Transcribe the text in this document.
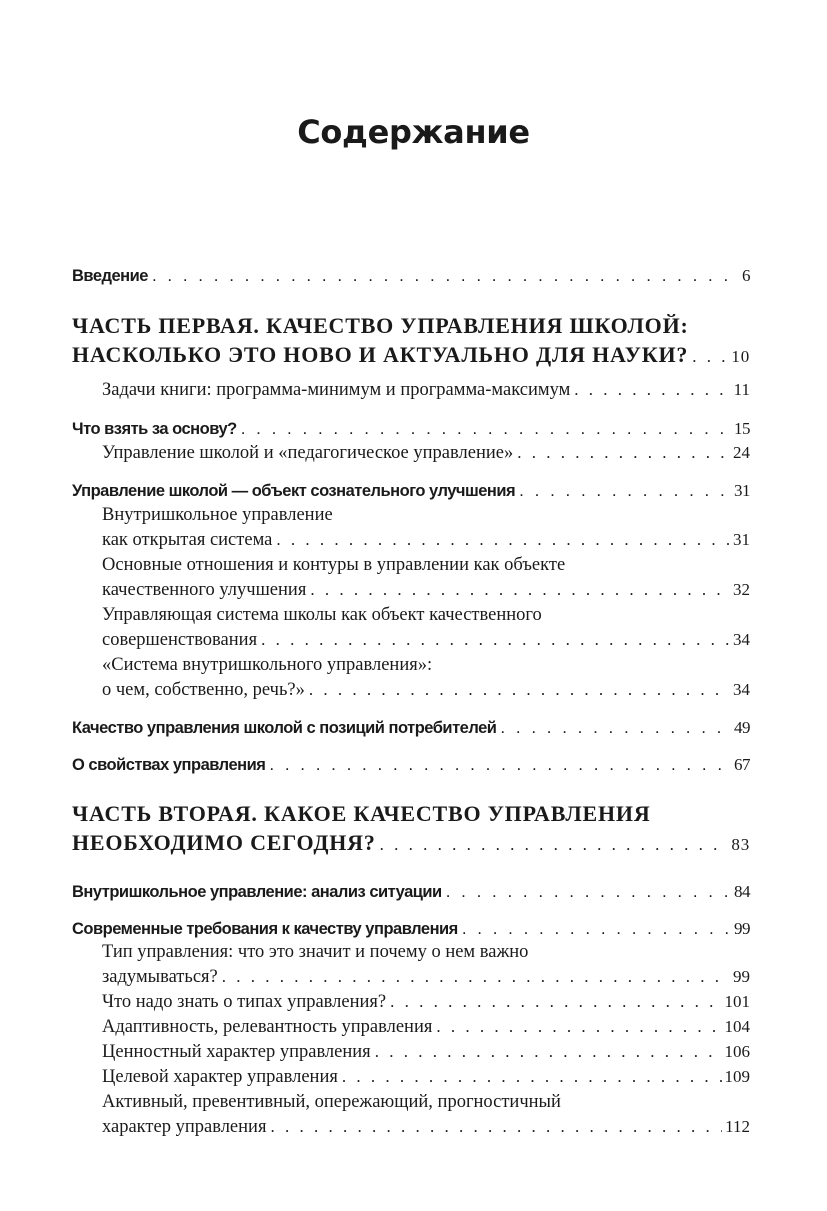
Содержание
Введение . . .	6
ЧАСТЬ ПЕРВАЯ. КАЧЕСТВО УПРАВЛЕНИЯ ШКОЛОЙ:
НАСКОЛЬКО ЭТО НОВО И АКТУАЛЬНО ДЛЯ НАУКИ? . . .	10
Задачи книги: программа-минимум и программа-максимум . . .	11
Что взять за основу? . . .	15
Управление школой и «педагогическое управление» . . .	24
Управление школой — объект сознательного улучшения . . .	31
Внутришкольное управление
как открытая система . . .	31
Основные отношения и контуры в управлении как объекте
качественного улучшения . . .	32
Управляющая система школы как объект качественного
совершенствования . . .	34
«Система внутришкольного управления»:
о чем, собственно, речь?» . . .	34
Качество управления школой с позиций потребителей . . .	49
О свойствах управления . . .	67
ЧАСТЬ ВТОРАЯ. КАКОЕ КАЧЕСТВО УПРАВЛЕНИЯ
НЕОБХОДИМО СЕГОДНЯ? . . .	83
Внутришкольное управление: анализ ситуации . . .	84
Современные требования к качеству управления . . .	99
Тип управления: что это значит и почему о нем важно
задумываться? . . .	99
Что надо знать о типах управления? . . .	101
Адаптивность, релевантность управления . . .	104
Ценностный характер управления . . .	106
Целевой характер управления . . .	109
Активный, превентивный, опережающий, прогностичный
характер управления . . .	112
